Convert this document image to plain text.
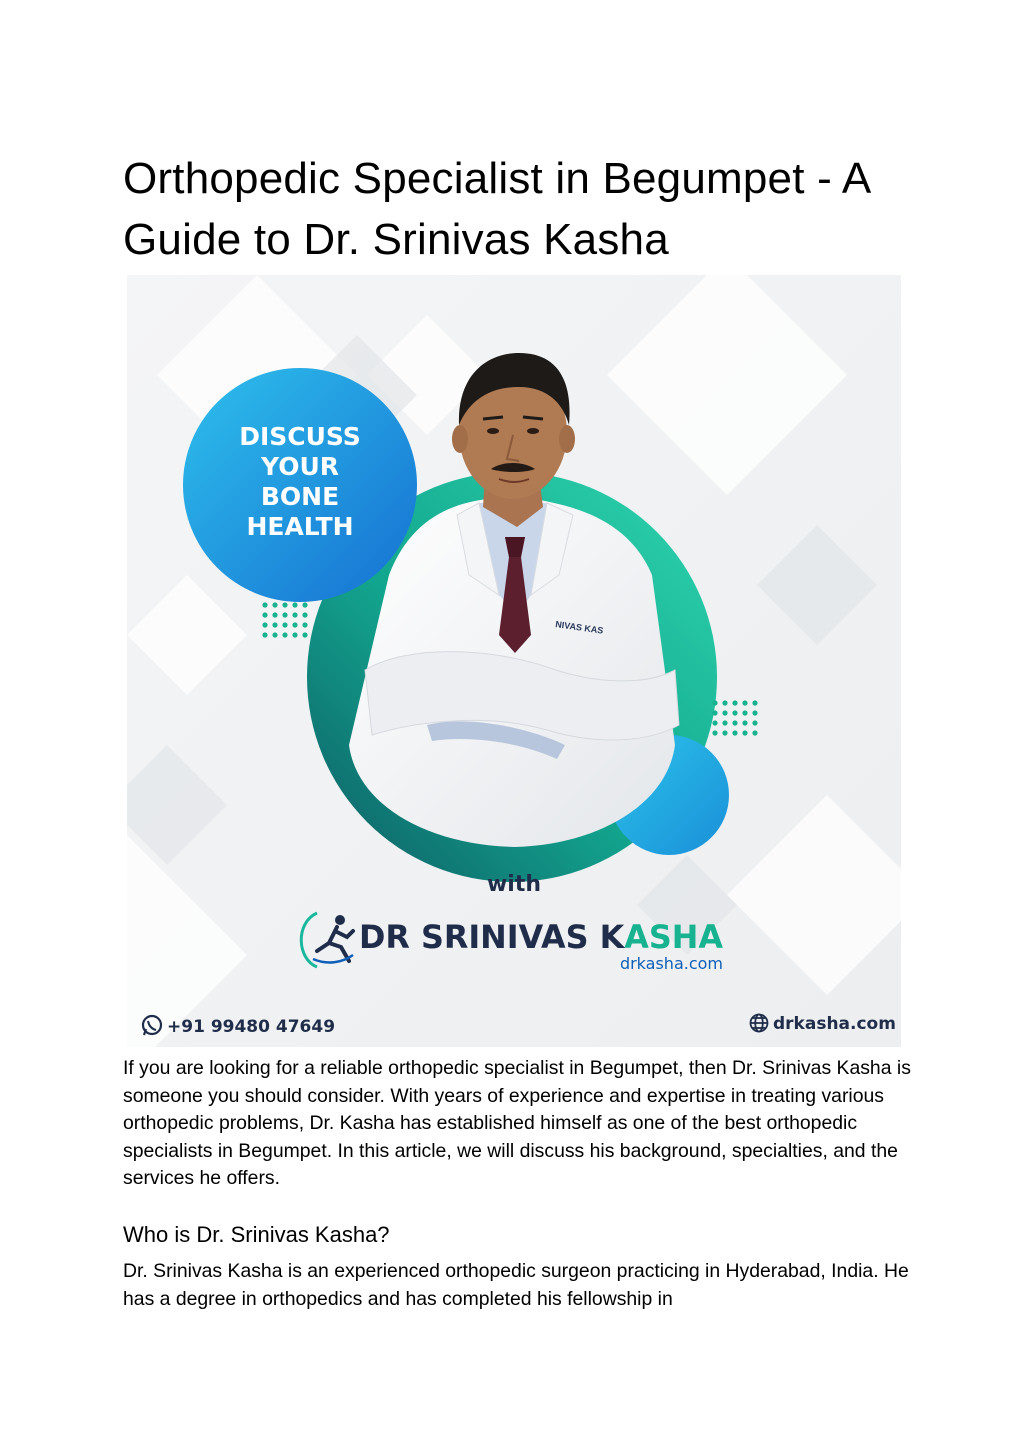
Orthopedic Specialist in Begumpet - A Guide to Dr. Srinivas Kasha
NIVAS KAS
DISCUSS
YOUR
BONE
HEALTH
with
DR SRINIVAS KASHA
drkasha.com
+91 99480 47649	drkasha.com

If you are looking for a reliable orthopedic specialist in Begumpet, then Dr. Srinivas Kasha is someone you should consider. With years of experience and expertise in treating various orthopedic problems, Dr. Kasha has established himself as one of the best orthopedic specialists in Begumpet. In this article, we will discuss his background, specialties, and the services he offers.

Who is Dr. Srinivas Kasha?

Dr. Srinivas Kasha is an experienced orthopedic surgeon practicing in Hyderabad, India. He has a degree in orthopedics and has completed his fellowship in
